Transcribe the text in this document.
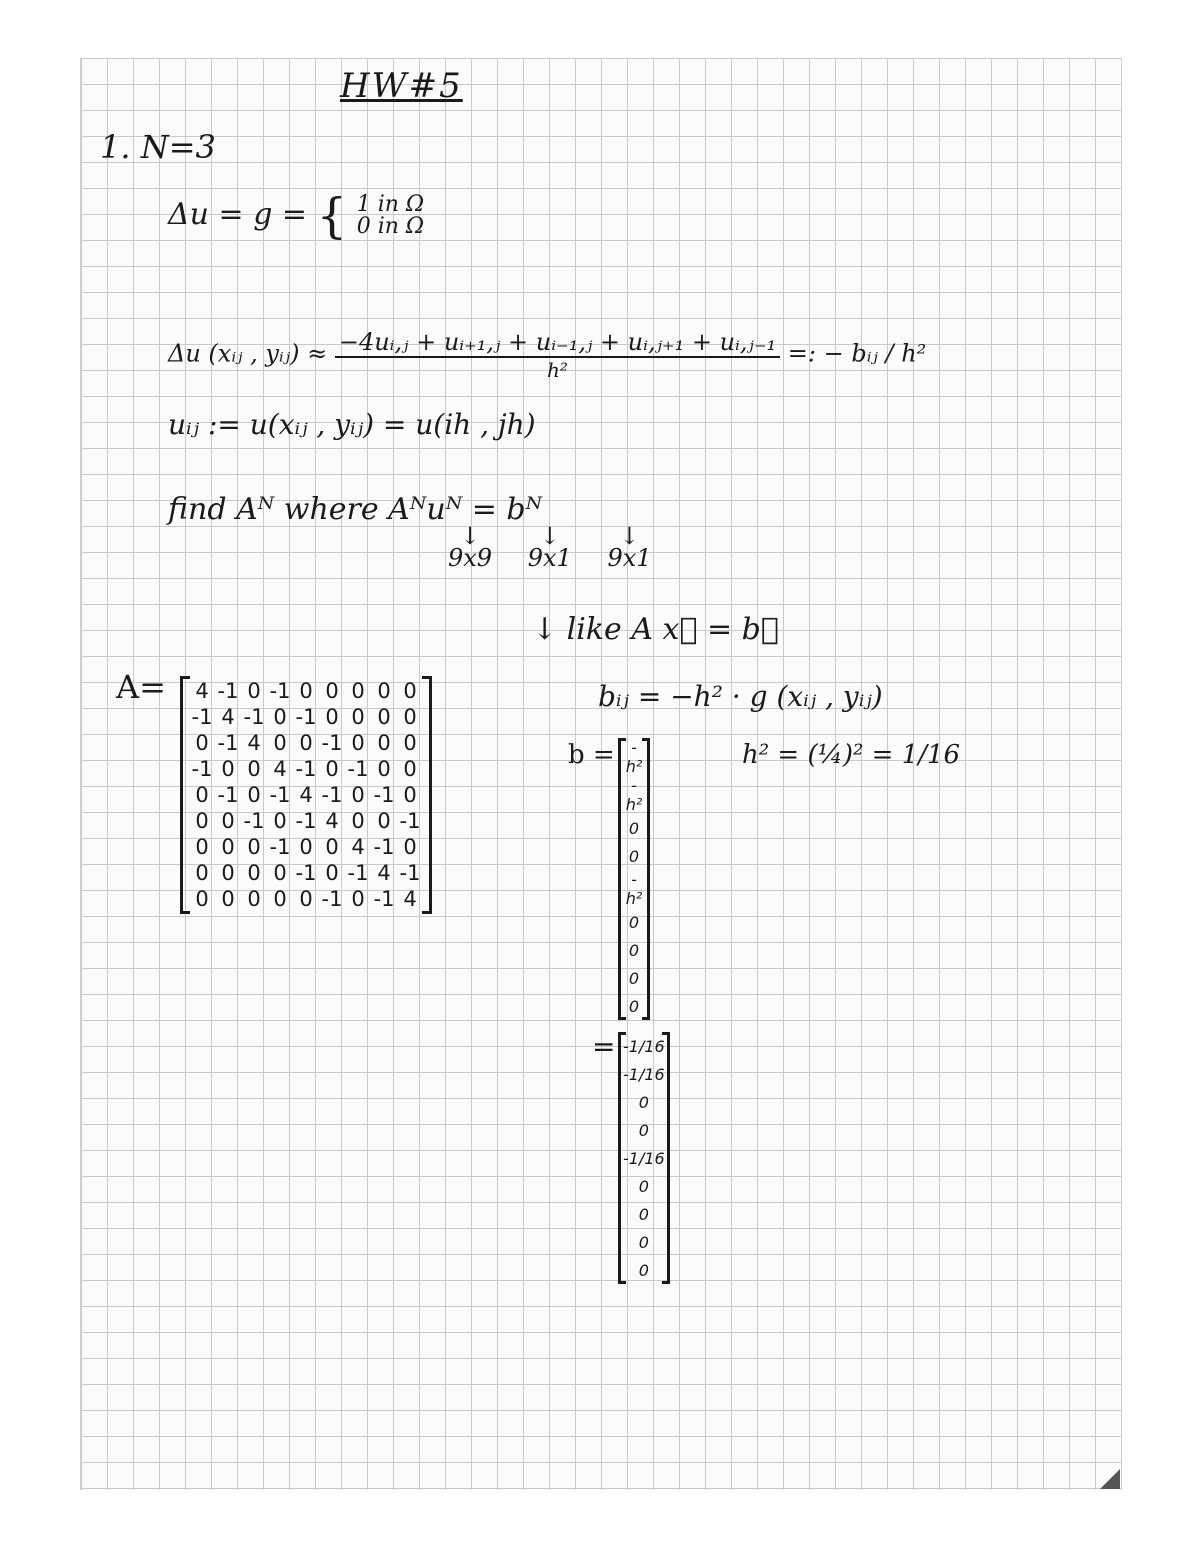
HW#5
1. N=3
Δu = g = { 1 in Ω
0 in Ω
Δu (xᵢⱼ , yᵢⱼ) ≈ $\frac{\text{−4uᵢ,ⱼ + uᵢ₊₁,ⱼ + uᵢ₋₁,ⱼ + uᵢ,ⱼ₊₁ + uᵢ,ⱼ₋₁}}{\text{h²}}$ =: − bᵢⱼ / h²
uᵢⱼ := u(xᵢⱼ , yᵢⱼ) = u(ih , jh)
find Aᴺ where Aᴺuᴺ = bᴺ
↓
9x9 ↓
9x1 ↓
9x1
↓ like A x⃗ = b⃗
A= 4	-1	0	-1	0	0	0	0	0
-1	4	-1	0	-1	0	0	0	0
0	-1	4	0	0	-1	0	0	0
-1	0	0	4	-1	0	-1	0	0
0	-1	0	-1	4	-1	0	-1	0
0	0	-1	0	-1	4	0	0	-1
0	0	0	-1	0	0	4	-1	0
0	0	0	0	-1	0	-1	4	-1
0	0	0	0	0	-1	0	-1	4
bᵢⱼ = −h² · g (xᵢⱼ , yᵢⱼ)
b =	h² = (¼)² = 1/16
-h²
-h²
0
0
-h²
0
0
0
0
= -1/16
-1/16
0
0
-1/16
0
0
0
0
